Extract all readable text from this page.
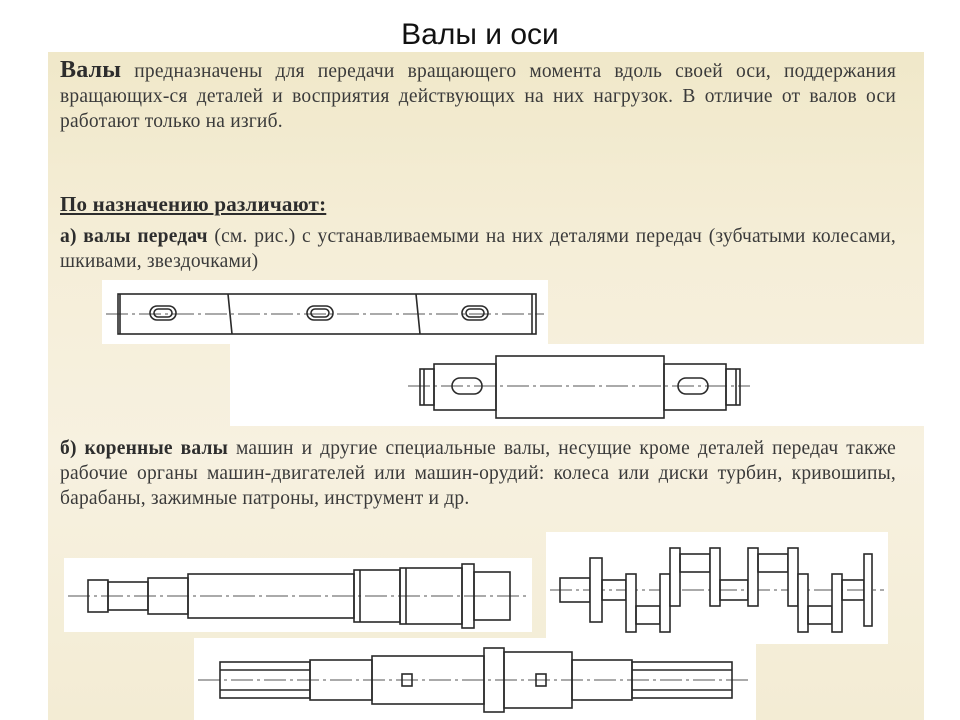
Валы и оси
Валы предназначены для передачи вращающего момента вдоль своей оси, поддержания вращающих-ся деталей и восприятия действующих на них нагрузок. В отличие от валов оси работают только на изгиб.
По назначению различают:
а) валы передач (см. рис.) с устанавливаемыми на них деталями передач (зубчатыми колесами, шкивами, звездочками)
б) коренные валы машин и другие специальные валы, несущие кроме деталей передач также рабочие органы машин-двигателей или машин-орудий: колеса или диски турбин, кривошипы, барабаны, зажимные патроны, инструмент и др.
